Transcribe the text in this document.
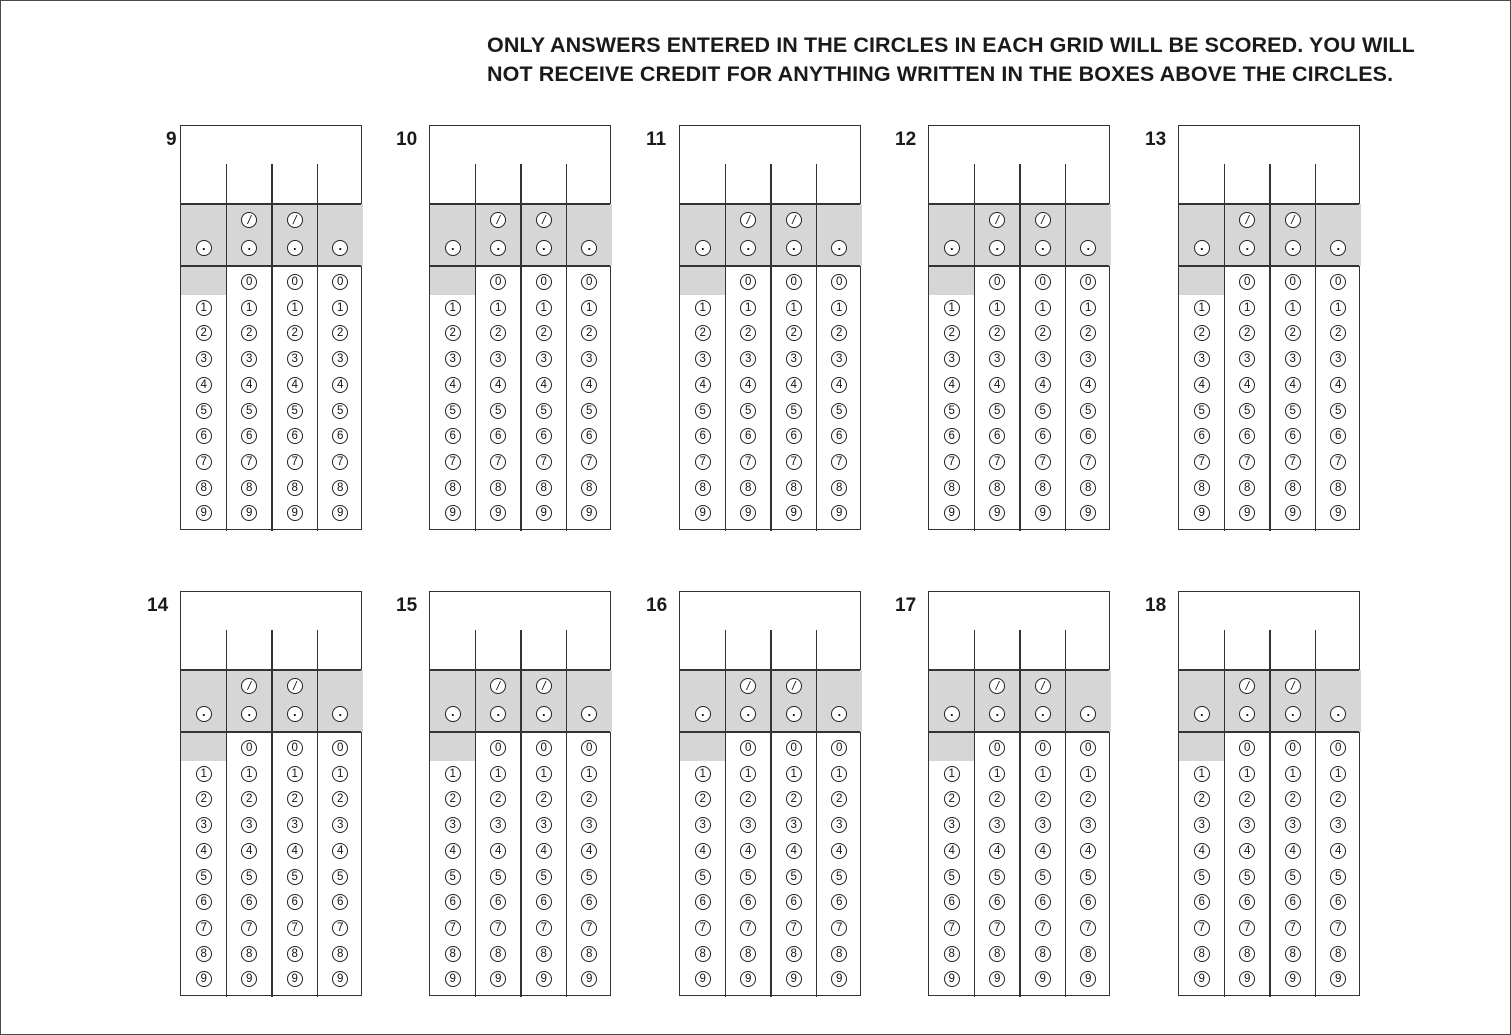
ONLY ANSWERS ENTERED IN THE CIRCLES IN EACH GRID WILL BE SCORED. YOU WILL
NOT RECEIVE CREDIT FOR ANYTHING WRITTEN IN THE BOXES ABOVE THE CIRCLES.
9
.
1
2
3
4
5
6
7
8
9
/
.
0
1
2
3
4
5
6
7
8
9
/
.
0
1
2
3
4
5
6
7
8
9
.
0
1
2
3
4
5
6
7
8
9
10
.
1
2
3
4
5
6
7
8
9
/
.
0
1
2
3
4
5
6
7
8
9
/
.
0
1
2
3
4
5
6
7
8
9
.
0
1
2
3
4
5
6
7
8
9
11
.
1
2
3
4
5
6
7
8
9
/
.
0
1
2
3
4
5
6
7
8
9
/
.
0
1
2
3
4
5
6
7
8
9
.
0
1
2
3
4
5
6
7
8
9
12
.
1
2
3
4
5
6
7
8
9
/
.
0
1
2
3
4
5
6
7
8
9
/
.
0
1
2
3
4
5
6
7
8
9
.
0
1
2
3
4
5
6
7
8
9
13
.
1
2
3
4
5
6
7
8
9
/
.
0
1
2
3
4
5
6
7
8
9
/
.
0
1
2
3
4
5
6
7
8
9
.
0
1
2
3
4
5
6
7
8
9
14
.
1
2
3
4
5
6
7
8
9
/
.
0
1
2
3
4
5
6
7
8
9
/
.
0
1
2
3
4
5
6
7
8
9
.
0
1
2
3
4
5
6
7
8
9
15
.
1
2
3
4
5
6
7
8
9
/
.
0
1
2
3
4
5
6
7
8
9
/
.
0
1
2
3
4
5
6
7
8
9
.
0
1
2
3
4
5
6
7
8
9
16
.
1
2
3
4
5
6
7
8
9
/
.
0
1
2
3
4
5
6
7
8
9
/
.
0
1
2
3
4
5
6
7
8
9
.
0
1
2
3
4
5
6
7
8
9
17
.
1
2
3
4
5
6
7
8
9
/
.
0
1
2
3
4
5
6
7
8
9
/
.
0
1
2
3
4
5
6
7
8
9
.
0
1
2
3
4
5
6
7
8
9
18
.
1
2
3
4
5
6
7
8
9
/
.
0
1
2
3
4
5
6
7
8
9
/
.
0
1
2
3
4
5
6
7
8
9
.
0
1
2
3
4
5
6
7
8
9
